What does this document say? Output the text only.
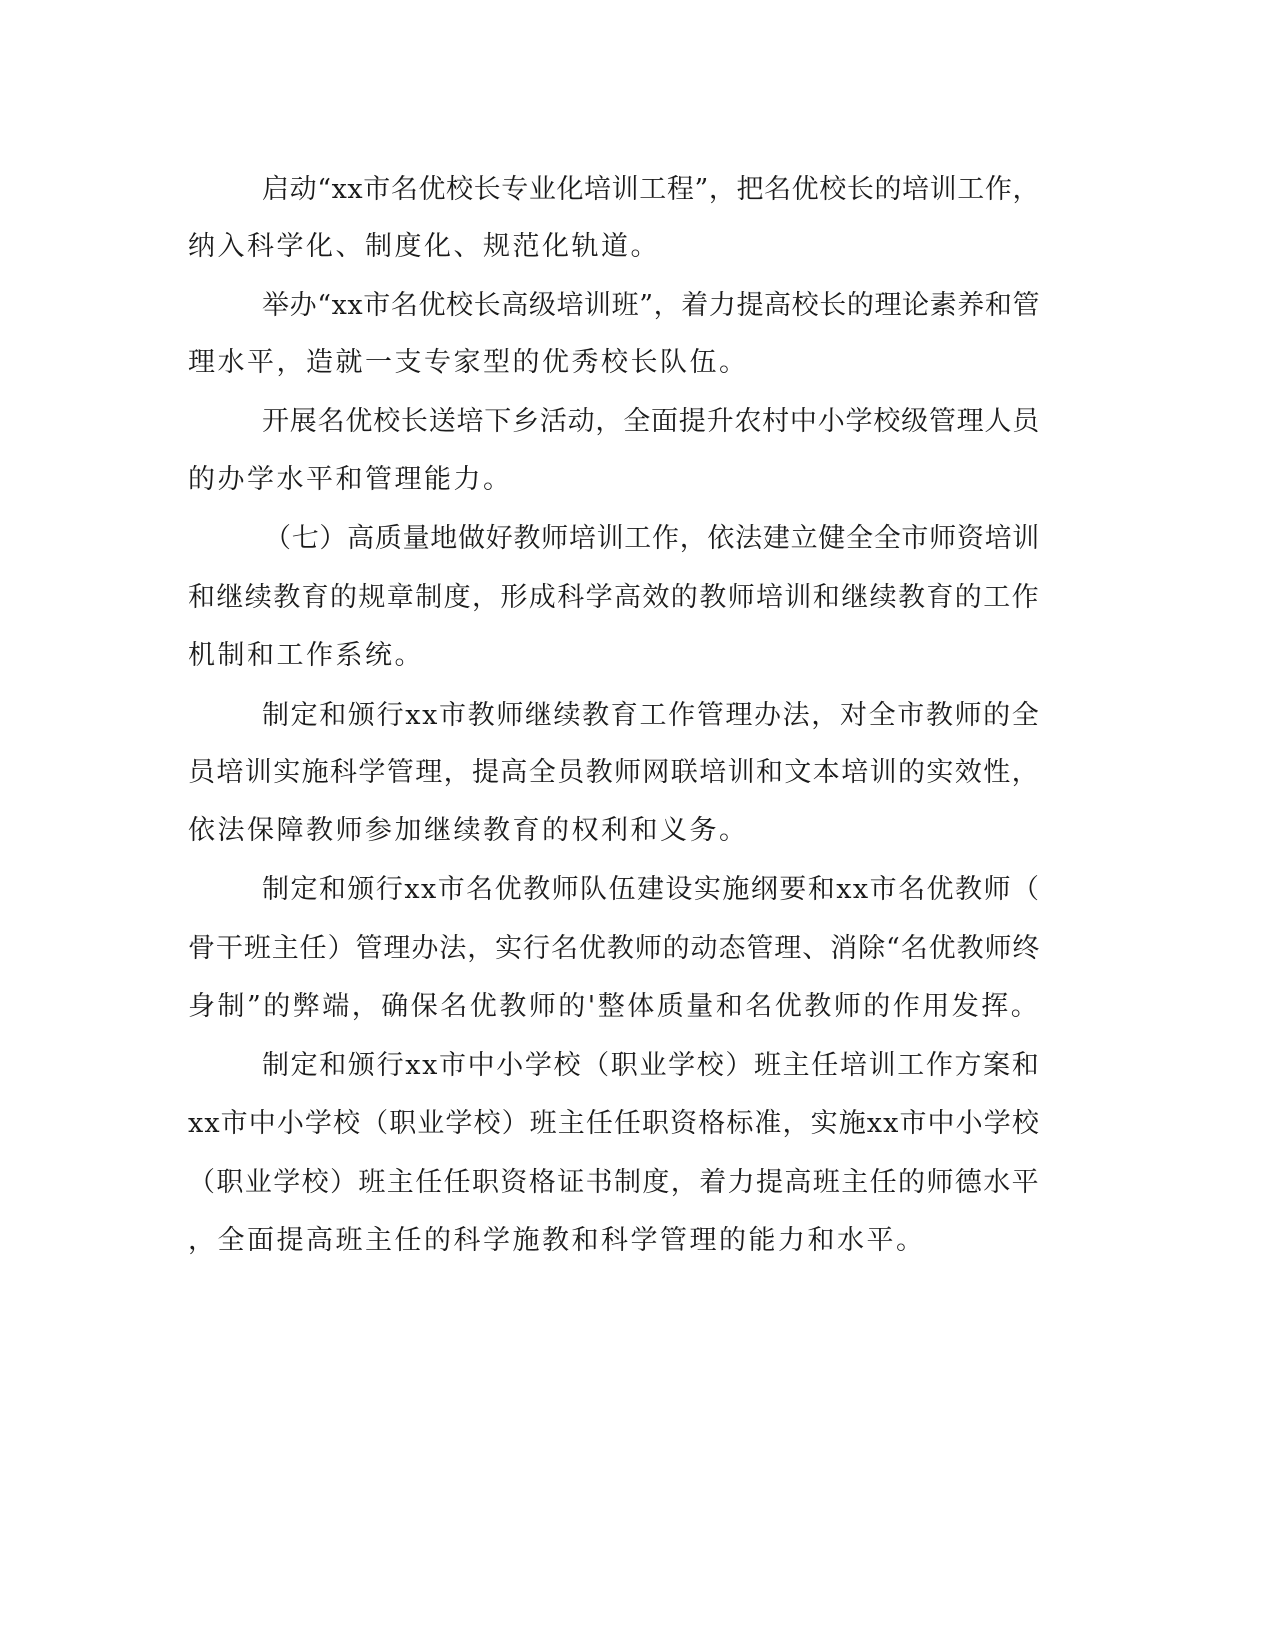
启动“xx市名优校长专业化培训工程”，把名优校长的培训工作，
纳入科学化、制度化、规范化轨道。
举办“xx市名优校长高级培训班”，着力提高校长的理论素养和管
理水平，造就一支专家型的优秀校长队伍。
开展名优校长送培下乡活动，全面提升农村中小学校级管理人员
的办学水平和管理能力。
（七）高质量地做好教师培训工作，依法建立健全全市师资培训
和继续教育的规章制度，形成科学高效的教师培训和继续教育的工作
机制和工作系统。
制定和颁行xx市教师继续教育工作管理办法，对全市教师的全
员培训实施科学管理，提高全员教师网联培训和文本培训的实效性，
依法保障教师参加继续教育的权利和义务。
制定和颁行xx市名优教师队伍建设实施纲要和xx市名优教师（
骨干班主任）管理办法，实行名优教师的动态管理、消除“名优教师终
身制”的弊端，确保名优教师的'整体质量和名优教师的作用发挥。
制定和颁行xx市中小学校（职业学校）班主任培训工作方案和
xx市中小学校（职业学校）班主任任职资格标准，实施xx市中小学校
（职业学校）班主任任职资格证书制度，着力提高班主任的师德水平
，全面提高班主任的科学施教和科学管理的能力和水平。
